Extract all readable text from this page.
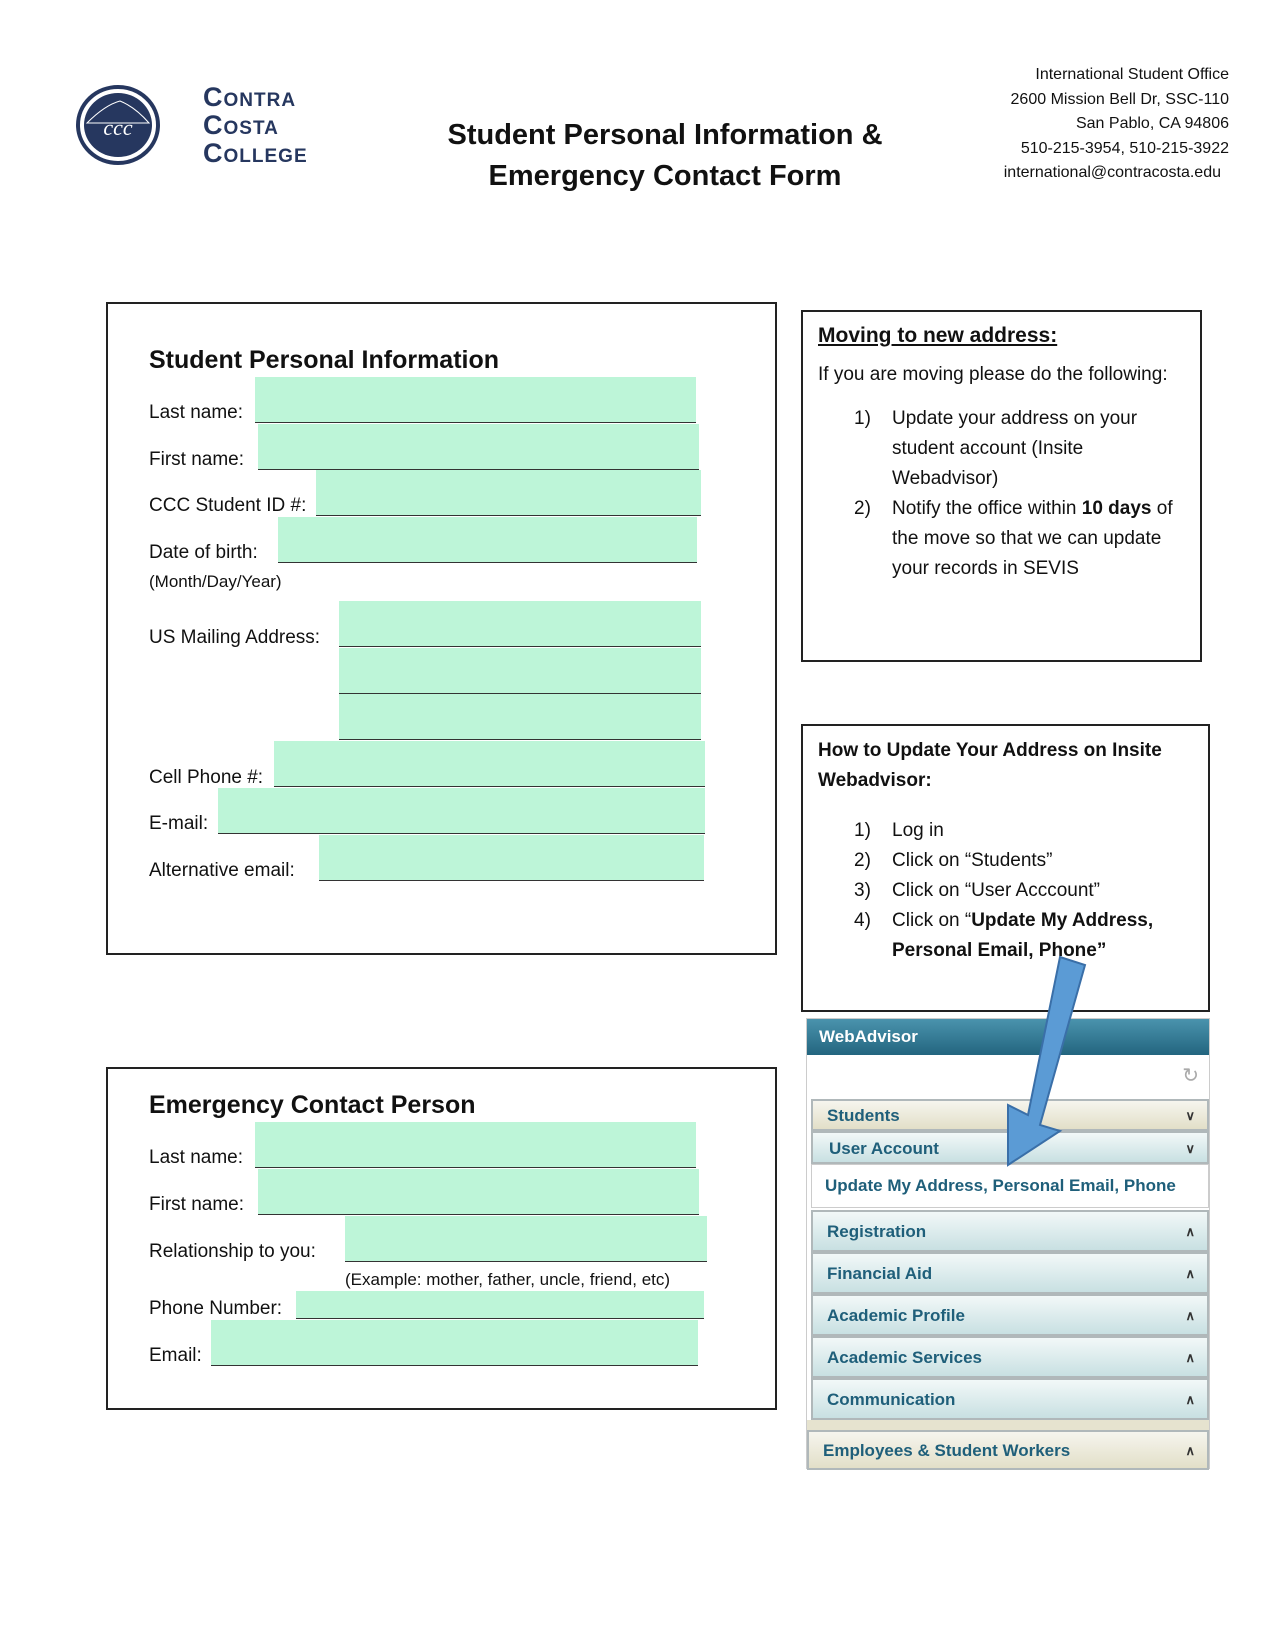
ccc
Contra
Costa
College
Student Personal Information &
Emergency Contact Form
International Student Office
2600 Mission Bell Dr, SSC-110
San Pablo, CA 94806
510-215-3954, 510-215-3922
international@contracosta.edu
Student Personal Information
Last name:
First name:
CCC Student ID #:
Date of birth:
(Month/Day/Year)
US Mailing Address:
Cell Phone #:
E-mail:
Alternative email:
Moving to new address:
If you are moving please do the following:
1) Update your address on your student account (Insite Webadvisor)
2) Notify the office within 10 days of the move so that we can update your records in SEVIS
How to Update Your Address on Insite Webadvisor:
1) Log in
2) Click on “Students”
3) Click on “User Acccount”
4) Click on “Update My Address, Personal Email, Phone”
WebAdvisor
↻
Students	∨
User Account	∨
Update My Address, Personal Email, Phone
Registration	∧
Financial Aid	∧
Academic Profile	∧
Academic Services	∧
Communication	∧
Employees & Student Workers	∧
Emergency Contact Person
Last name:
First name:
Relationship to you:
(Example: mother, father, uncle, friend, etc)
Phone Number:
Email:
